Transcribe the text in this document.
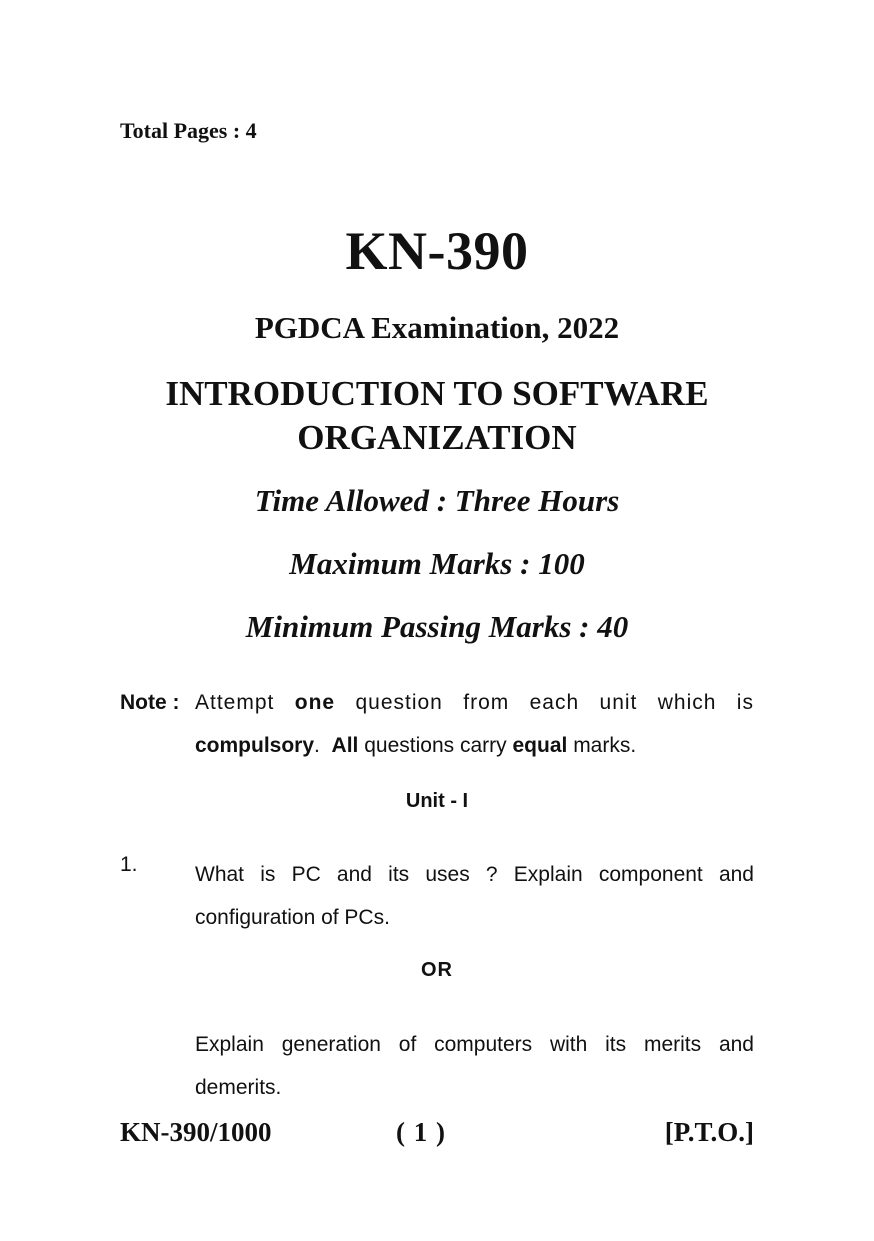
Total Pages : 4
KN-390
PGDCA Examination, 2022
INTRODUCTION TO SOFTWARE
ORGANIZATION
Time Allowed : Three Hours
Maximum Marks : 100
Minimum Passing Marks : 40
Note : Attempt one question from each unit which is
compulsory. All questions carry equal marks.
Unit - I
1.	What is PC and its uses ? Explain component and
configuration of PCs.
OR
Explain generation of computers with its merits and
demerits.
KN-390/1000	( 1 )	[P.T.O.]
